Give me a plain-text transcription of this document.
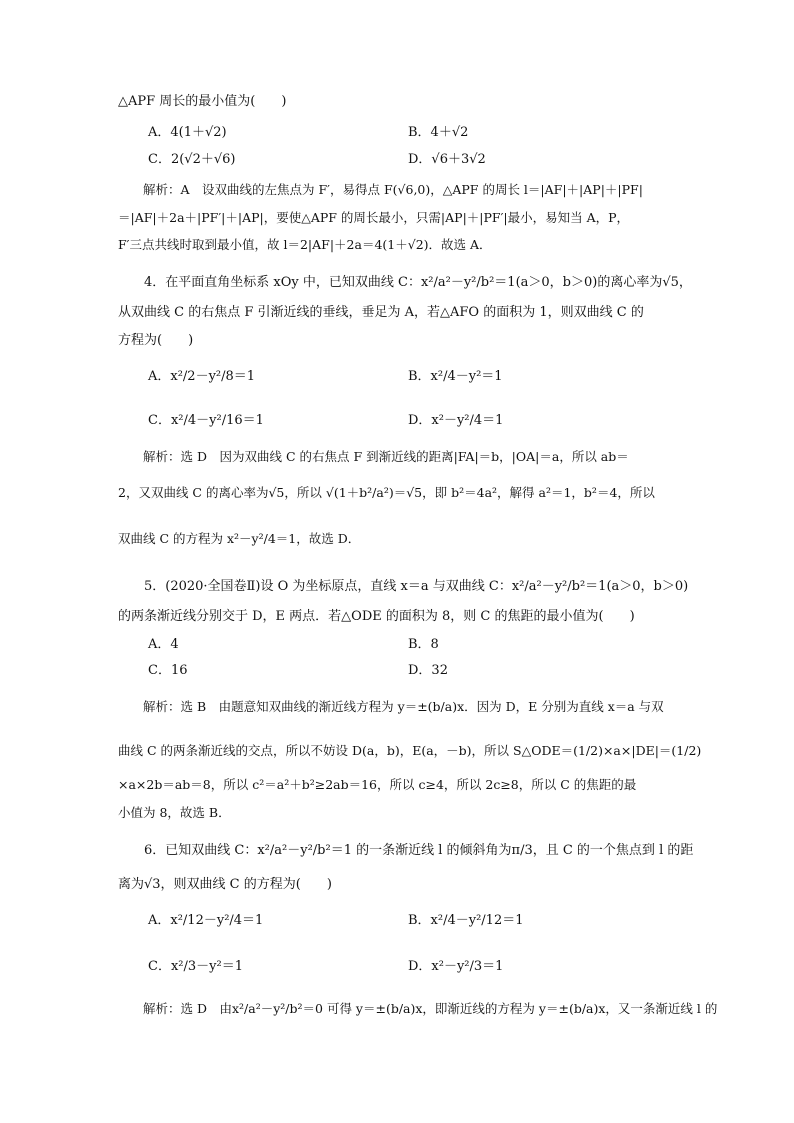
△APF 周长的最小值为(　　)
A．4(1＋√2)	B．4＋√2
C．2(√2＋√6)	D．√6＋3√2
　　解析：A　设双曲线的左焦点为 F′，易得点 F(√6,0)，△APF 的周长 l＝|AF|＋|AP|＋|PF|
＝|AF|＋2a＋|PF′|＋|AP|，要使△APF 的周长最小，只需|AP|＋|PF′|最小，易知当 A，P，
F′三点共线时取到最小值，故 l＝2|AF|＋2a＝4(1＋√2)．故选 A．
　　4．在平面直角坐标系 xOy 中，已知双曲线 C：x²/a²－y²/b²＝1(a＞0，b＞0)的离心率为√5，
从双曲线 C 的右焦点 F 引渐近线的垂线，垂足为 A，若△AFO 的面积为 1，则双曲线 C 的
方程为(　　)
A．x²/2－y²/8＝1	B．x²/4－y²＝1
C．x²/4－y²/16＝1	D．x²－y²/4＝1
　　解析：选 D　因为双曲线 C 的右焦点 F 到渐近线的距离|FA|＝b，|OA|＝a，所以 ab＝
2，又双曲线 C 的离心率为√5，所以 √(1＋b²/a²)＝√5，即 b²＝4a²，解得 a²＝1，b²＝4，所以
双曲线 C 的方程为 x²－y²/4＝1，故选 D．
　　5．(2020·全国卷Ⅱ)设 O 为坐标原点，直线 x＝a 与双曲线 C：x²/a²－y²/b²＝1(a＞0，b＞0)
的两条渐近线分别交于 D，E 两点．若△ODE 的面积为 8，则 C 的焦距的最小值为(　　)
A．4	B．8
C．16	D．32
　　解析：选 B　由题意知双曲线的渐近线方程为 y＝±(b/a)x．因为 D，E 分别为直线 x＝a 与双
曲线 C 的两条渐近线的交点，所以不妨设 D(a，b)，E(a，－b)，所以 S△ODE＝(1/2)×a×|DE|＝(1/2)
×a×2b＝ab＝8，所以 c²＝a²＋b²≥2ab＝16，所以 c≥4，所以 2c≥8，所以 C 的焦距的最
小值为 8，故选 B．
　　6．已知双曲线 C：x²/a²－y²/b²＝1 的一条渐近线 l 的倾斜角为π/3，且 C 的一个焦点到 l 的距
离为√3，则双曲线 C 的方程为(　　)
A．x²/12－y²/4＝1	B．x²/4－y²/12＝1
C．x²/3－y²＝1	D．x²－y²/3＝1
　　解析：选 D　由x²/a²－y²/b²＝0 可得 y＝±(b/a)x，即渐近线的方程为 y＝±(b/a)x，又一条渐近线 l 的
